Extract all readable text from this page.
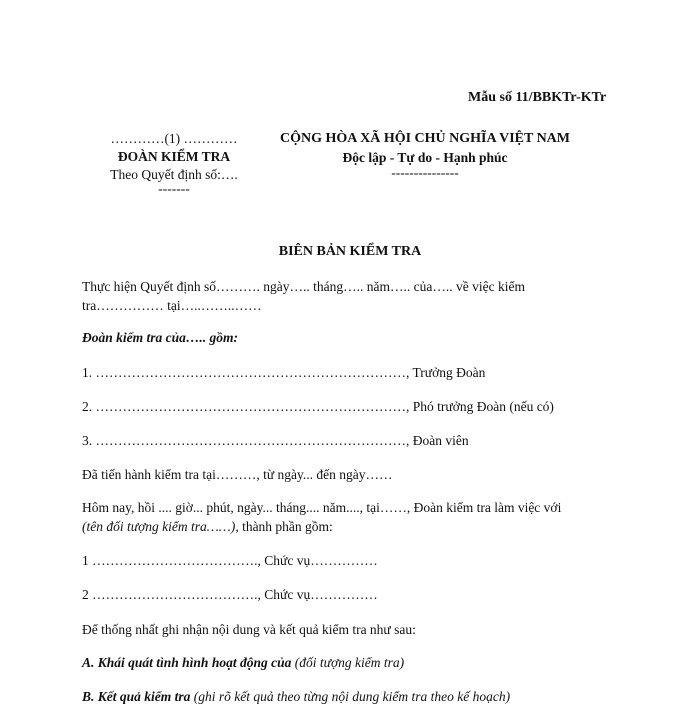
Mẫu số 11/BBKTr-KTr
…………(1) …………
ĐOÀN KIỂM TRA
Theo Quyết định số:….
-------
CỘNG HÒA XÃ HỘI CHỦ NGHĨA VIỆT NAM
Độc lập - Tự do - Hạnh phúc
---------------
BIÊN BẢN KIỂM TRA
Thực hiện Quyết định số………. ngày….. tháng….. năm….. của….. về việc kiểm
tra…………… tại…..……..……
Đoàn kiểm tra của….. gồm:
1. ……………………………………………………………, Trưởng Đoàn
2. ……………………………………………………………, Phó trưởng Đoàn (nếu có)
3. ……………………………………………………………, Đoàn viên
Đã tiến hành kiểm tra tại………, từ ngày... đến ngày……
Hôm nay, hồi .... giờ... phút, ngày... tháng.... năm...., tại……, Đoàn kiểm tra làm việc với
(tên đối tượng kiểm tra……), thành phần gồm:
1 ………………………………., Chức vụ……………
2 ………………………………., Chức vụ……………
Để thống nhất ghi nhận nội dung và kết quả kiểm tra như sau:
A. Khái quát tình hình hoạt động của (đối tượng kiểm tra)
B. Kết quả kiểm tra (ghi rõ kết quả theo từng nội dung kiểm tra theo kế hoạch)
